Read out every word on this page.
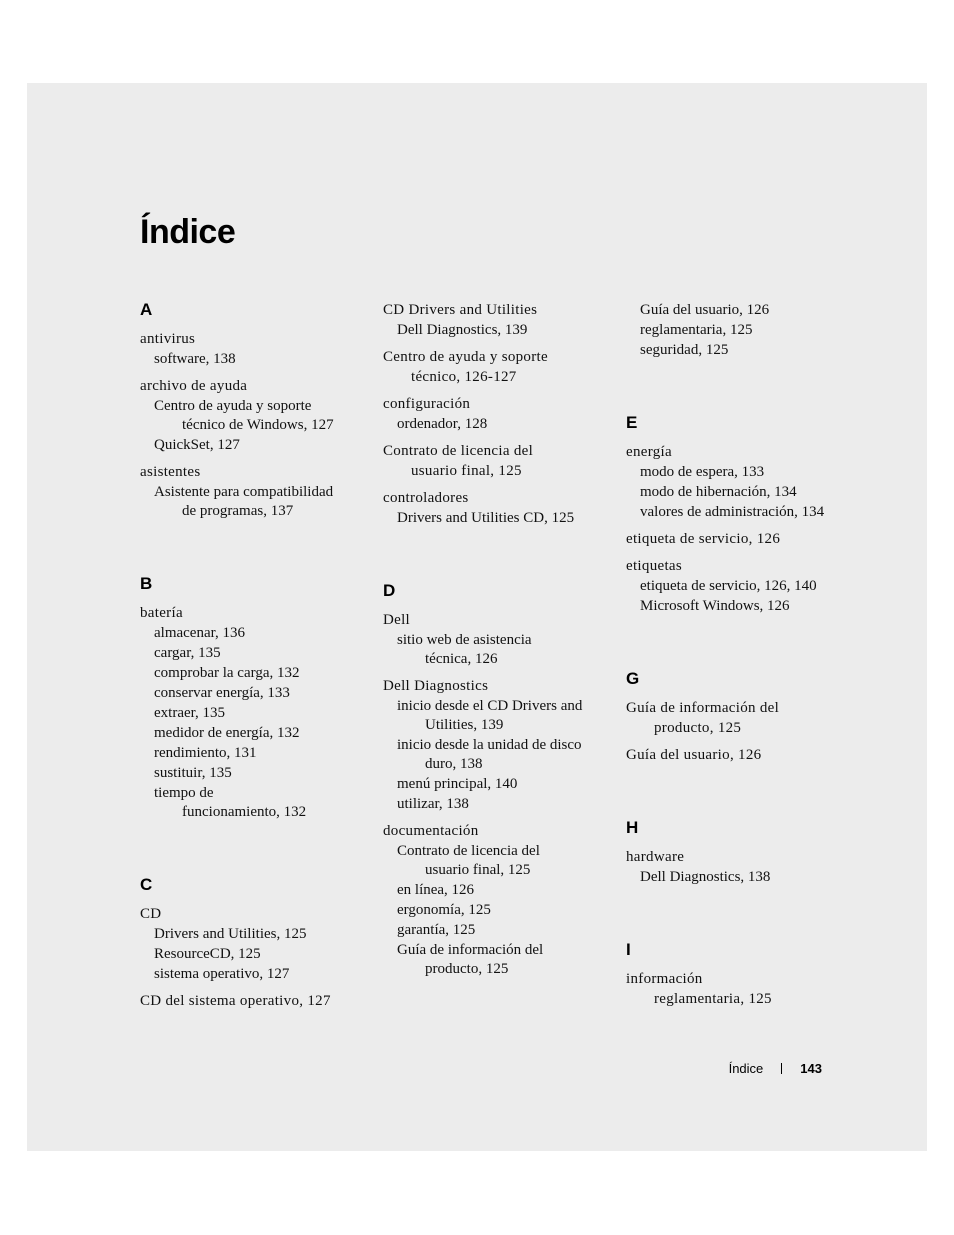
Índice
A
antivirus
software, 138
archivo de ayuda
Centro de ayuda y soporte
técnico de Windows, 127
QuickSet, 127
asistentes
Asistente para compatibilidad
de programas, 137
B
batería
almacenar, 136
cargar, 135
comprobar la carga, 132
conservar energía, 133
extraer, 135
medidor de energía, 132
rendimiento, 131
sustituir, 135
tiempo de
funcionamiento, 132
C
CD
Drivers and Utilities, 125
ResourceCD, 125
sistema operativo, 127
CD del sistema operativo, 127
CD Drivers and Utilities
Dell Diagnostics, 139
Centro de ayuda y soporte
técnico, 126-127
configuración
ordenador, 128
Contrato de licencia del
usuario final, 125
controladores
Drivers and Utilities CD, 125
D
Dell
sitio web de asistencia
técnica, 126
Dell Diagnostics
inicio desde el CD Drivers and
Utilities, 139
inicio desde la unidad de disco
duro, 138
menú principal, 140
utilizar, 138
documentación
Contrato de licencia del
usuario final, 125
en línea, 126
ergonomía, 125
garantía, 125
Guía de información del
producto, 125
Guía del usuario, 126
reglamentaria, 125
seguridad, 125
E
energía
modo de espera, 133
modo de hibernación, 134
valores de administración, 134
etiqueta de servicio, 126
etiquetas
etiqueta de servicio, 126, 140
Microsoft Windows, 126
G
Guía de información del
producto, 125
Guía del usuario, 126
H
hardware
Dell Diagnostics, 138
I
información
reglamentaria, 125
Índice	143
